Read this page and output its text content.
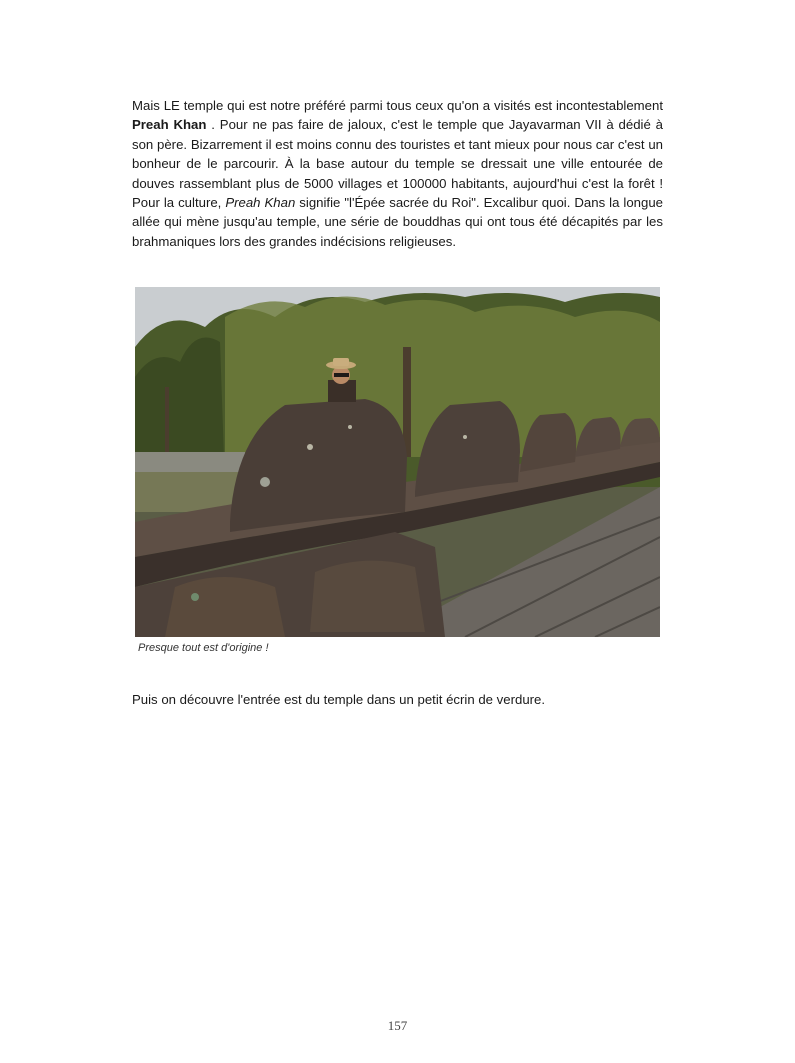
Mais LE temple qui est notre préféré parmi tous ceux qu'on a visités est incontestablement Preah Khan . Pour ne pas faire de jaloux, c'est le temple que Jayavarman VII à dédié à son père. Bizarrement il est moins connu des touristes et tant mieux pour nous car c'est un bonheur de le parcourir. À la base autour du temple se dressait une ville entourée de douves rassemblant plus de 5000 villages et 100000 habitants, aujourd'hui c'est la forêt ! Pour la culture, Preah Khan signifie "l'Épée sacrée du Roi". Excalibur quoi. Dans la longue allée qui mène jusqu'au temple, une série de bouddhas qui ont tous été décapités par les brahmaniques lors des grandes indécisions religieuses.

Presque tout est d'origine !

Puis on découvre l'entrée est du temple dans un petit écrin de verdure.

157
